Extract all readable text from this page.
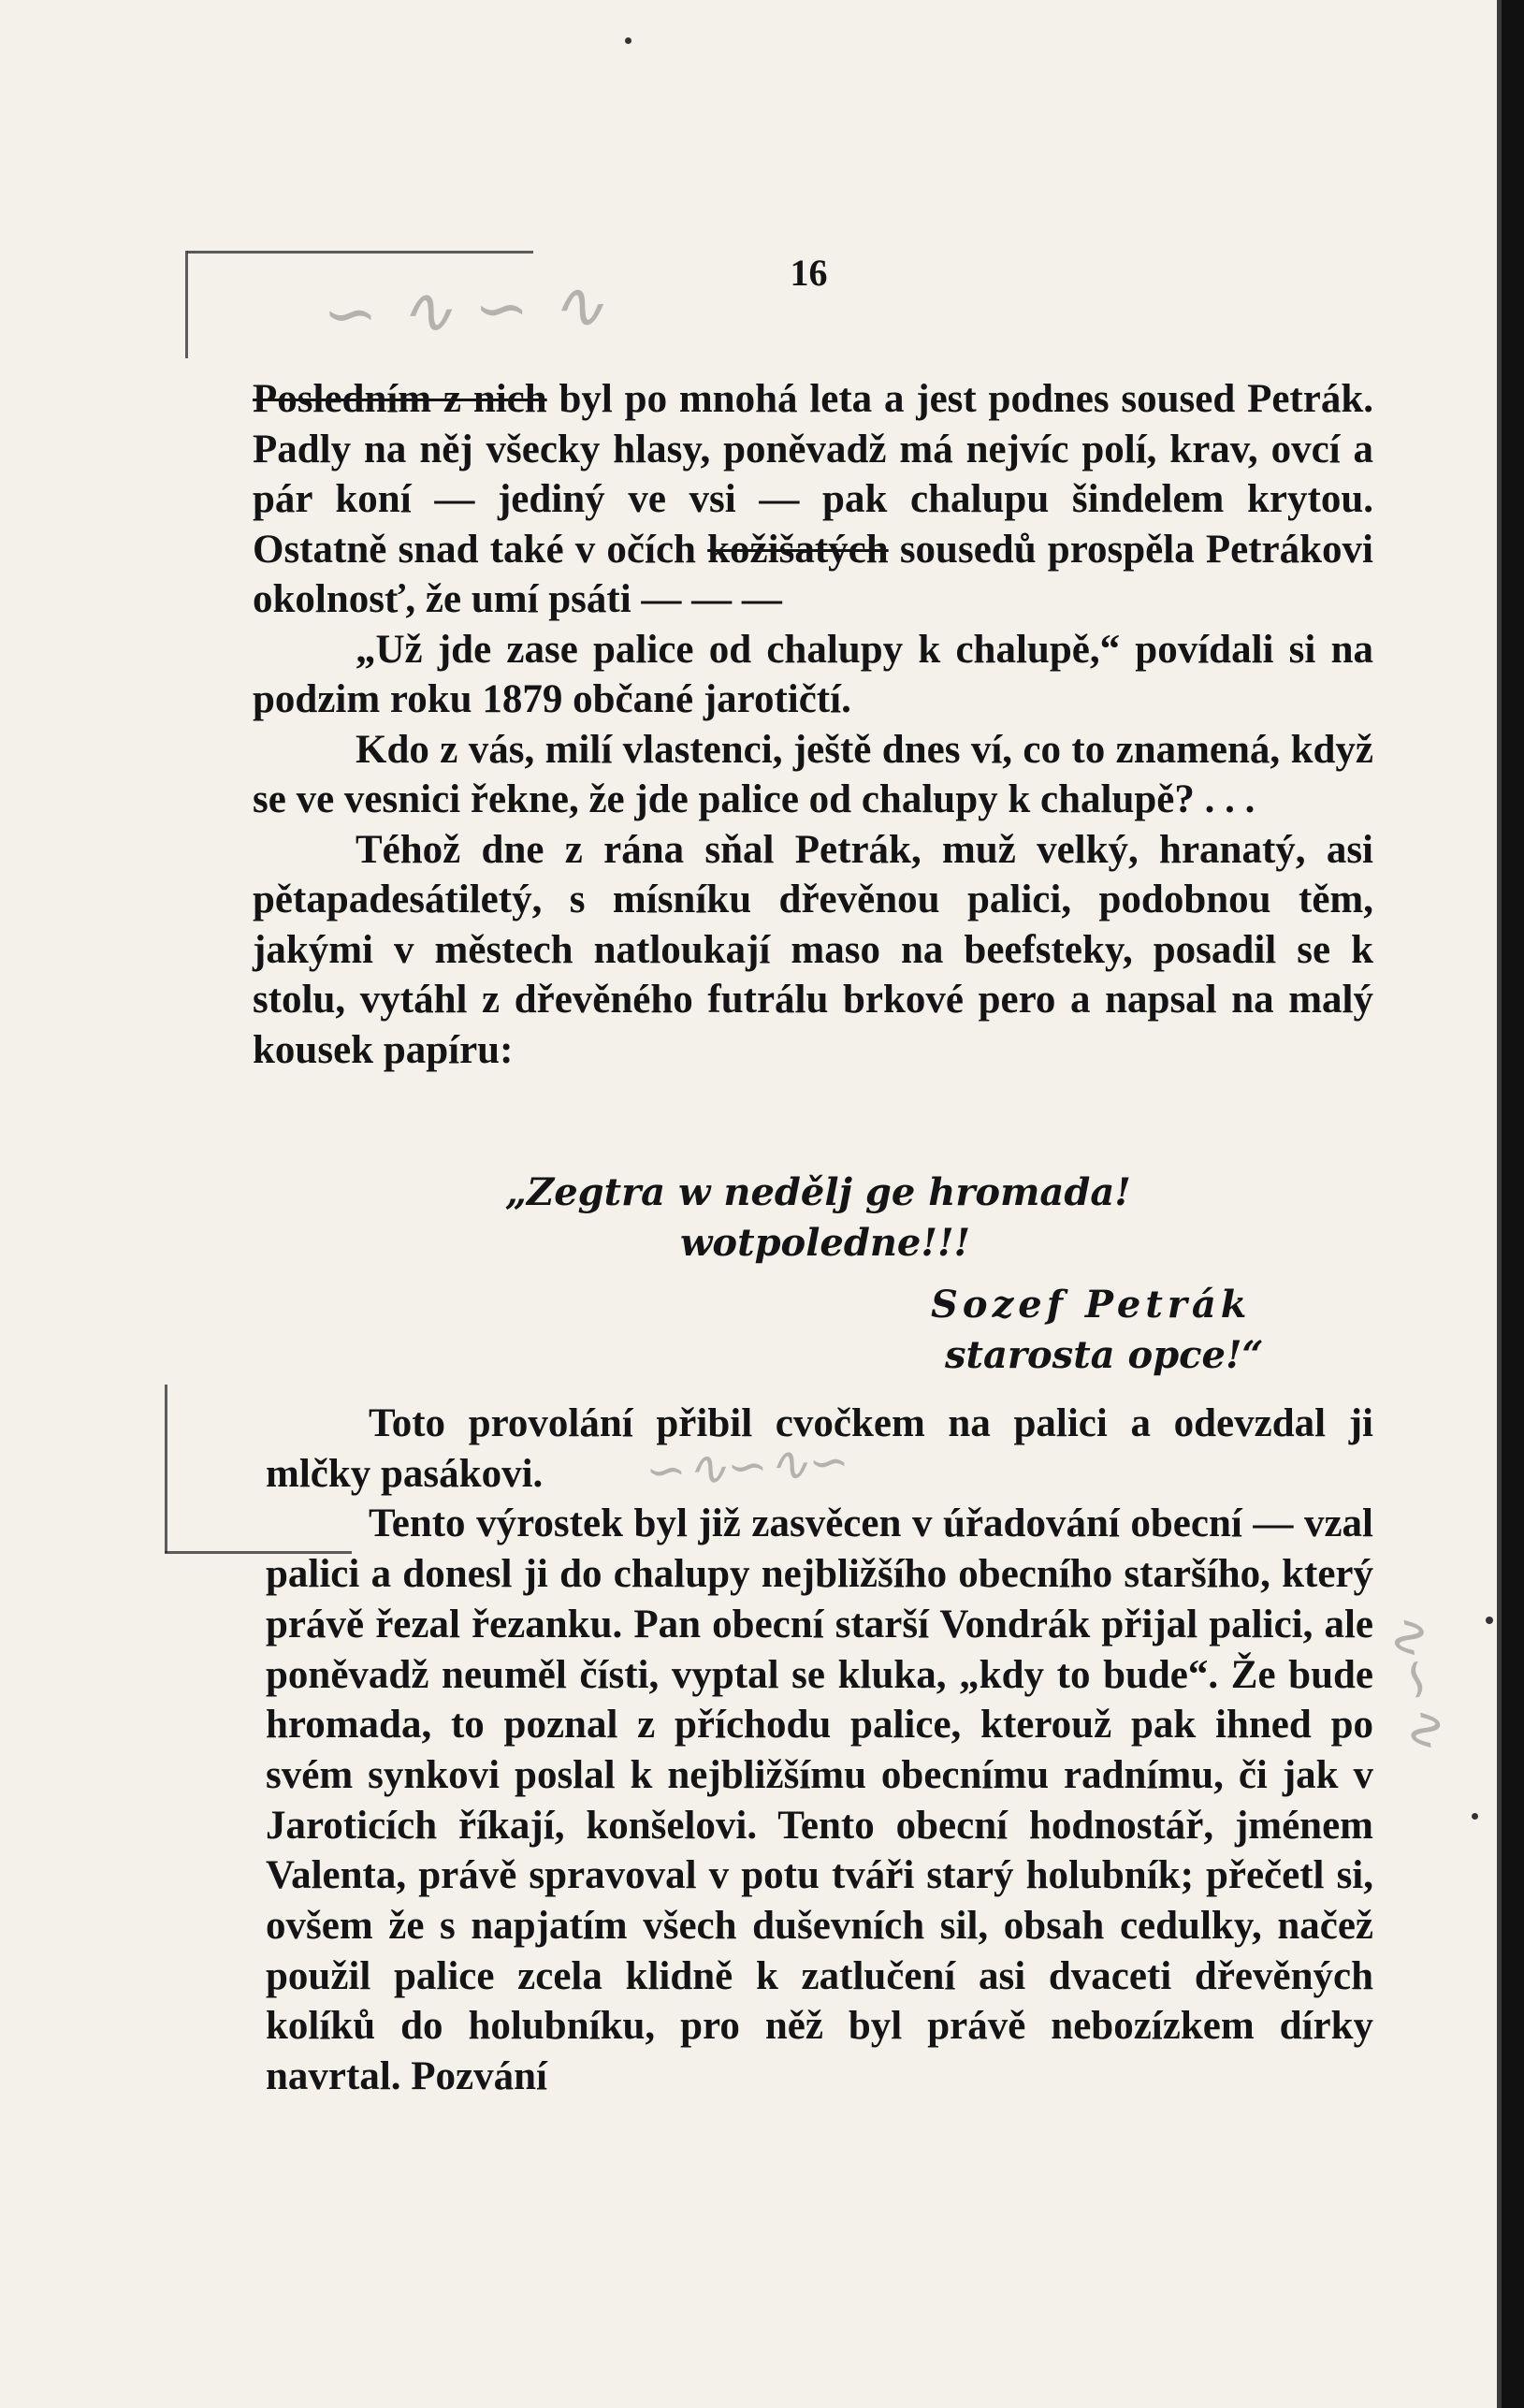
∽ ∿ ∽ ∿
∽∿∽∿∽
∿∽∿
16

Posledním z nich byl po mnohá leta a jest podnes soused Petrák. Padly na něj všecky hlasy, poněvadž má nejvíc polí, krav, ovcí a pár koní — jediný ve vsi — pak chalupu šindelem krytou. Ostatně snad také v očích kožišatých sousedů prospěla Petrákovi okolnosť, že umí psáti — — —

„Už jde zase palice od chalupy k chalupě,“ povídali si na podzim roku 1879 občané jarotičtí.

Kdo z vás, milí vlastenci, ještě dnes ví, co to znamená, když se ve vesnici řekne, že jde palice od chalupy k chalupě? . . .

Téhož dne z rána sňal Petrák, muž velký, hranatý, asi pětapadesátiletý, s mísníku dřevěnou palici, podobnou těm, jakými v městech natloukají maso na beefsteky, posadil se k stolu, vytáhl z dřevěného futrálu brkové pero a napsal na malý kousek papíru:

„Zegtra w nedělj ge hromada!
wotpoledne!!!
Sozef Petrák
starosta opce!“

Toto provolání přibil cvočkem na palici a odevzdal ji mlčky pasákovi.

Tento výrostek byl již zasvěcen v úřadování obecní — vzal palici a donesl ji do chalupy nejbližšího obecního staršího, který právě řezal řezanku. Pan obecní starší Vondrák přijal palici, ale poněvadž neuměl čísti, vyptal se kluka, „kdy to bude“. Že bude hromada, to poznal z příchodu palice, kterouž pak ihned po svém synkovi poslal k nejbližšímu obecnímu radnímu, či jak v Jaroticích říkají, konšelovi. Tento obecní hodnostář, jménem Valenta, právě spravoval v potu tváři starý holubník; přečetl si, ovšem že s napjatím všech duševních sil, obsah cedulky, načež použil palice zcela klidně k zatlučení asi dvaceti dřevěných kolíků do holubníku, pro něž byl právě nebozízkem dírky navrtal. Pozvání
